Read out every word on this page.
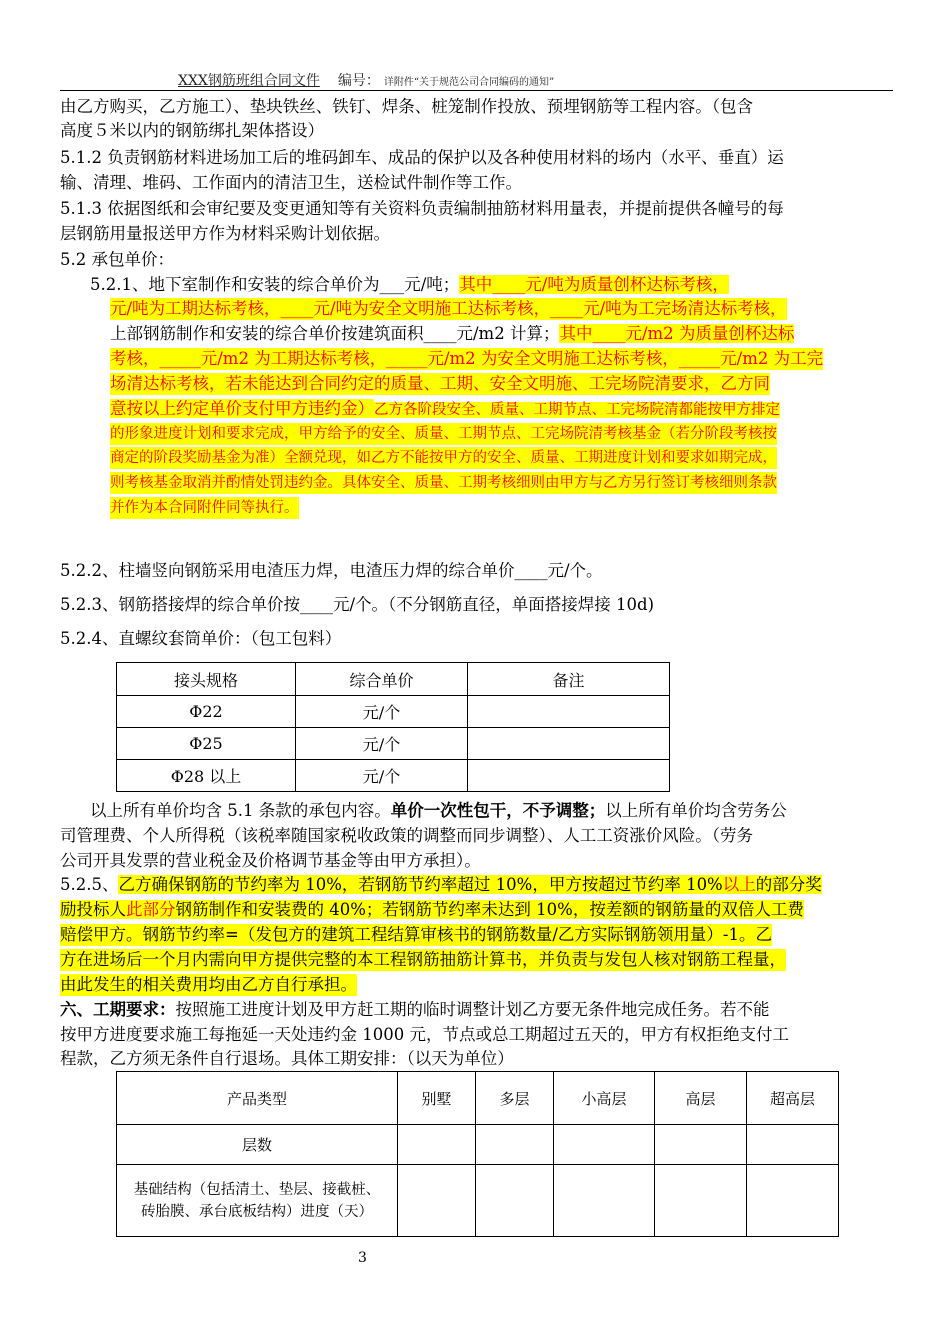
XXX钢筋班组合同文件 编号： 详附件“关于规范公司合同编码的通知”
由乙方购买，乙方施工）、垫块铁丝、铁钉、焊条、桩笼制作投放、预埋钢筋等工程内容。（包含
高度５米以内的钢筋绑扎架体搭设）
5.1.2 负责钢筋材料进场加工后的堆码卸车、成品的保护以及各种使用材料的场内（水平、垂直）运
输、清理、堆码、工作面内的清洁卫生，送检试件制作等工作。
5.1.3 依据图纸和会审纪要及变更通知等有关资料负责编制抽筋材料用量表，并提前提供各幢号的每
层钢筋用量报送甲方作为材料采购计划依据。
5.2 承包单价：
5.2.1、地下室制作和安装的综合单价为___元/吨；其中____元/吨为质量创杯达标考核，
元/吨为工期达标考核，____元/吨为安全文明施工达标考核，____元/吨为工完场清达标考核，
上部钢筋制作和安装的综合单价按建筑面积____元/m2 计算；其中____元/m2 为质量创杯达标
考核，_____元/m2 为工期达标考核，_____元/m2 为安全文明施工达标考核，_____元/m2 为工完
场清达标考核，若未能达到合同约定的质量、工期、安全文明施、工完场院清要求，乙方同
意按以上约定单价支付甲方违约金）乙方各阶段安全、质量、工期节点、工完场院清都能按甲方排定
的形象进度计划和要求完成，甲方给予的安全、质量、工期节点、工完场院清考核基金（若分阶段考核按
商定的阶段奖励基金为准）全额兑现，如乙方不能按甲方的安全、质量、工期进度计划和要求如期完成，
则考核基金取消并酌情处罚违约金。具体安全、质量、工期考核细则由甲方与乙方另行签订考核细则条款
并作为本合同附件同等执行。
5.2.2、柱墙竖向钢筋采用电渣压力焊，电渣压力焊的综合单价____元/个。
5.2.3、钢筋搭接焊的综合单价按____元/个。（不分钢筋直径，单面搭接焊接 10d)
5.2.4、直螺纹套筒单价：（包工包料）
接头规格	综合单价	备注
Φ22	元/个	
Φ25	元/个	
Φ28 以上	元/个	
以上所有单价均含 5.1 条款的承包内容。单价一次性包干，不予调整；以上所有单价均含劳务公
司管理费、个人所得税（该税率随国家税收政策的调整而同步调整）、人工工资涨价风险。（劳务
公司开具发票的营业税金及价格调节基金等由甲方承担）。
5.2.5、乙方确保钢筋的节约率为 10%，若钢筋节约率超过 10%，甲方按超过节约率 10%以上的部分奖
励投标人此部分钢筋制作和安装费的 40%；若钢筋节约率未达到 10%，按差额的钢筋量的双倍人工费
赔偿甲方。钢筋节约率=（发包方的建筑工程结算审核书的钢筋数量/乙方实际钢筋领用量）-1。乙
方在进场后一个月内需向甲方提供完整的本工程钢筋抽筋计算书，并负责与发包人核对钢筋工程量，
由此发生的相关费用均由乙方自行承担。
六、工期要求：按照施工进度计划及甲方赶工期的临时调整计划乙方要无条件地完成任务。若不能
按甲方进度要求施工每拖延一天处违约金 1000 元，节点或总工期超过五天的，甲方有权拒绝支付工
程款，乙方须无条件自行退场。具体工期安排：（以天为单位）
产品类型	别墅	多层	小高层	高层	超高层
层数					
基础结构（包括清土、垫层、接截桩、砖胎膜、承台底板结构）进度（天）					
3
